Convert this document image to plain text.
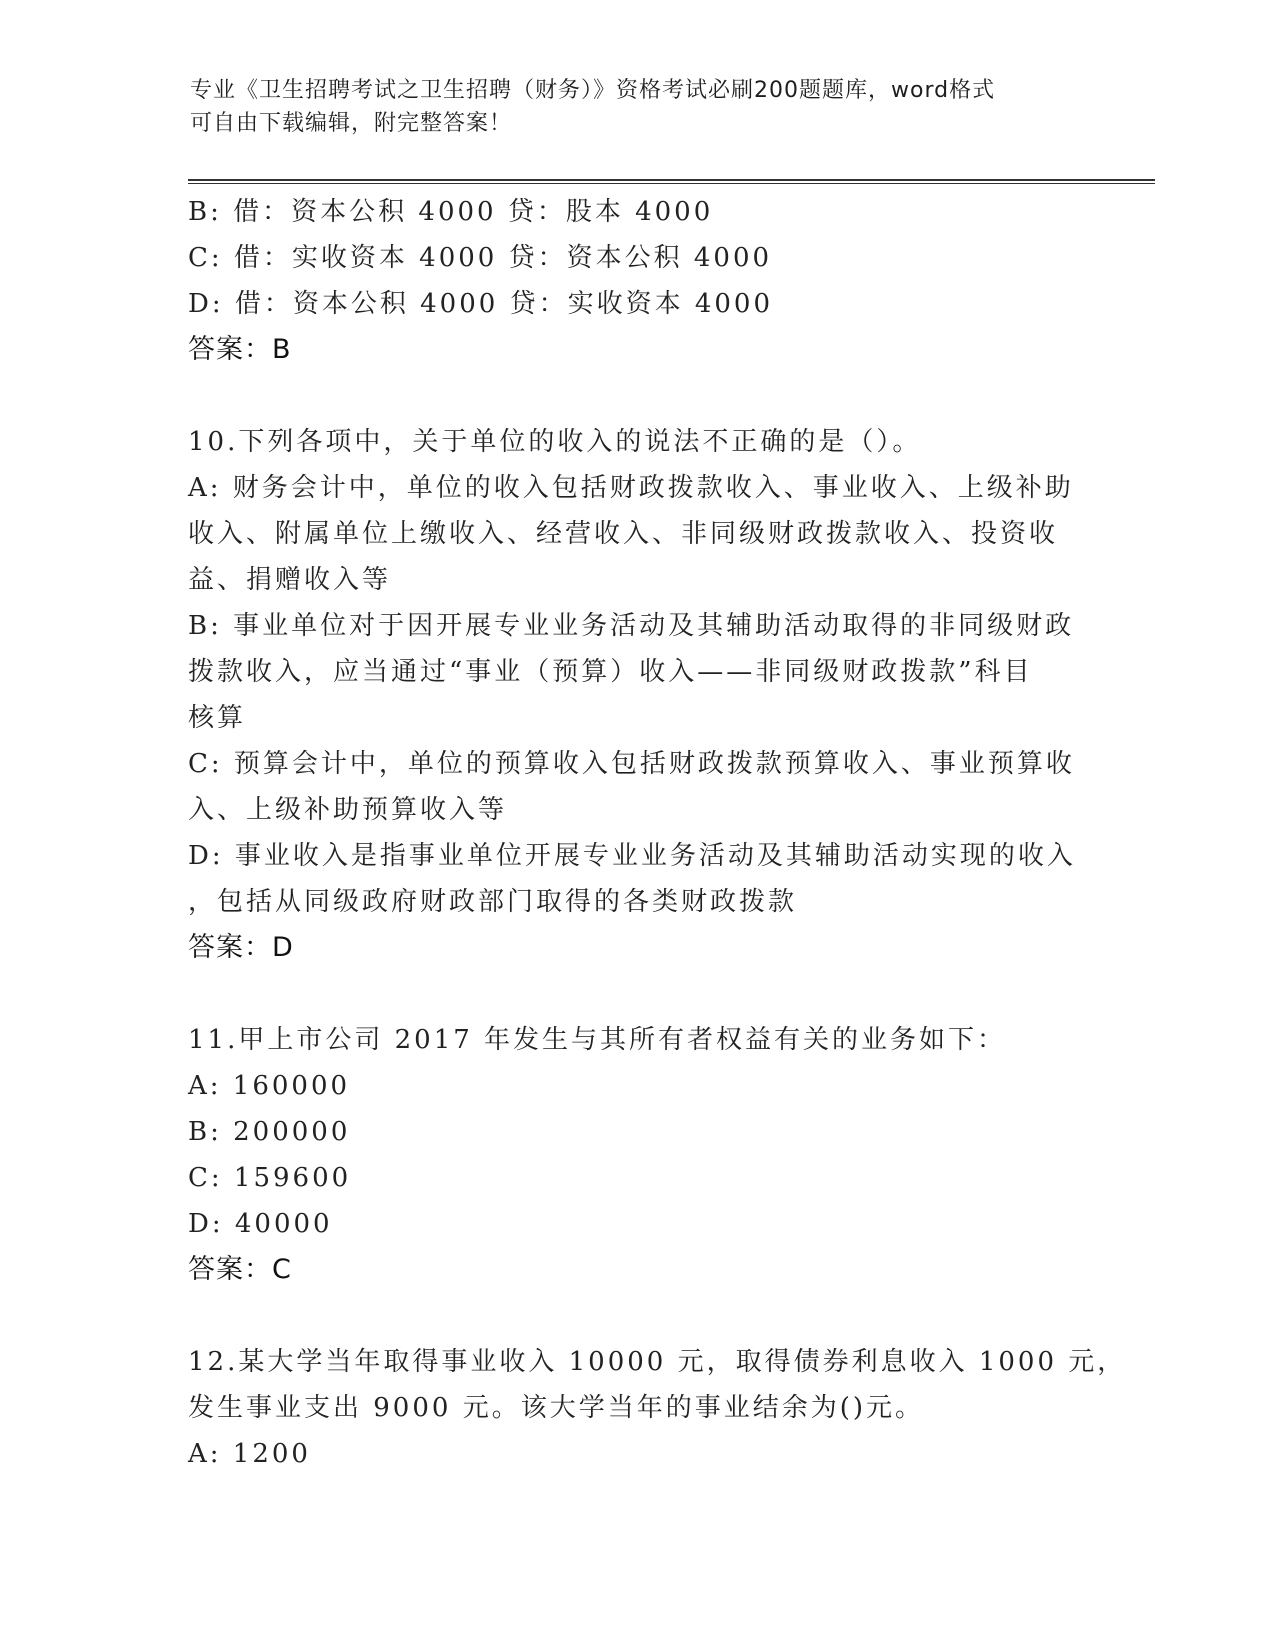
专业《卫生招聘考试之卫生招聘（财务）》资格考试必刷200题题库，word格式
可自由下载编辑，附完整答案！
B: 借：资本公积 4000 贷：股本 4000
C: 借：实收资本 4000 贷：资本公积 4000
D: 借：资本公积 4000 贷：实收资本 4000
答案：B
10.下列各项中，关于单位的收入的说法不正确的是（）。
A: 财务会计中，单位的收入包括财政拨款收入、事业收入、上级补助
收入、附属单位上缴收入、经营收入、非同级财政拨款收入、投资收
益、捐赠收入等
B: 事业单位对于因开展专业业务活动及其辅助活动取得的非同级财政
拨款收入，应当通过“事业（预算）收入——非同级财政拨款”科目
核算
C: 预算会计中，单位的预算收入包括财政拨款预算收入、事业预算收
入、上级补助预算收入等
D: 事业收入是指事业单位开展专业业务活动及其辅助活动实现的收入
，包括从同级政府财政部门取得的各类财政拨款
答案：D
11.甲上市公司 2017 年发生与其所有者权益有关的业务如下：
A: 160000
B: 200000
C: 159600
D: 40000
答案：C
12.某大学当年取得事业收入 10000 元，取得债券利息收入 1000 元，
发生事业支出 9000 元。该大学当年的事业结余为()元。
A: 1200
